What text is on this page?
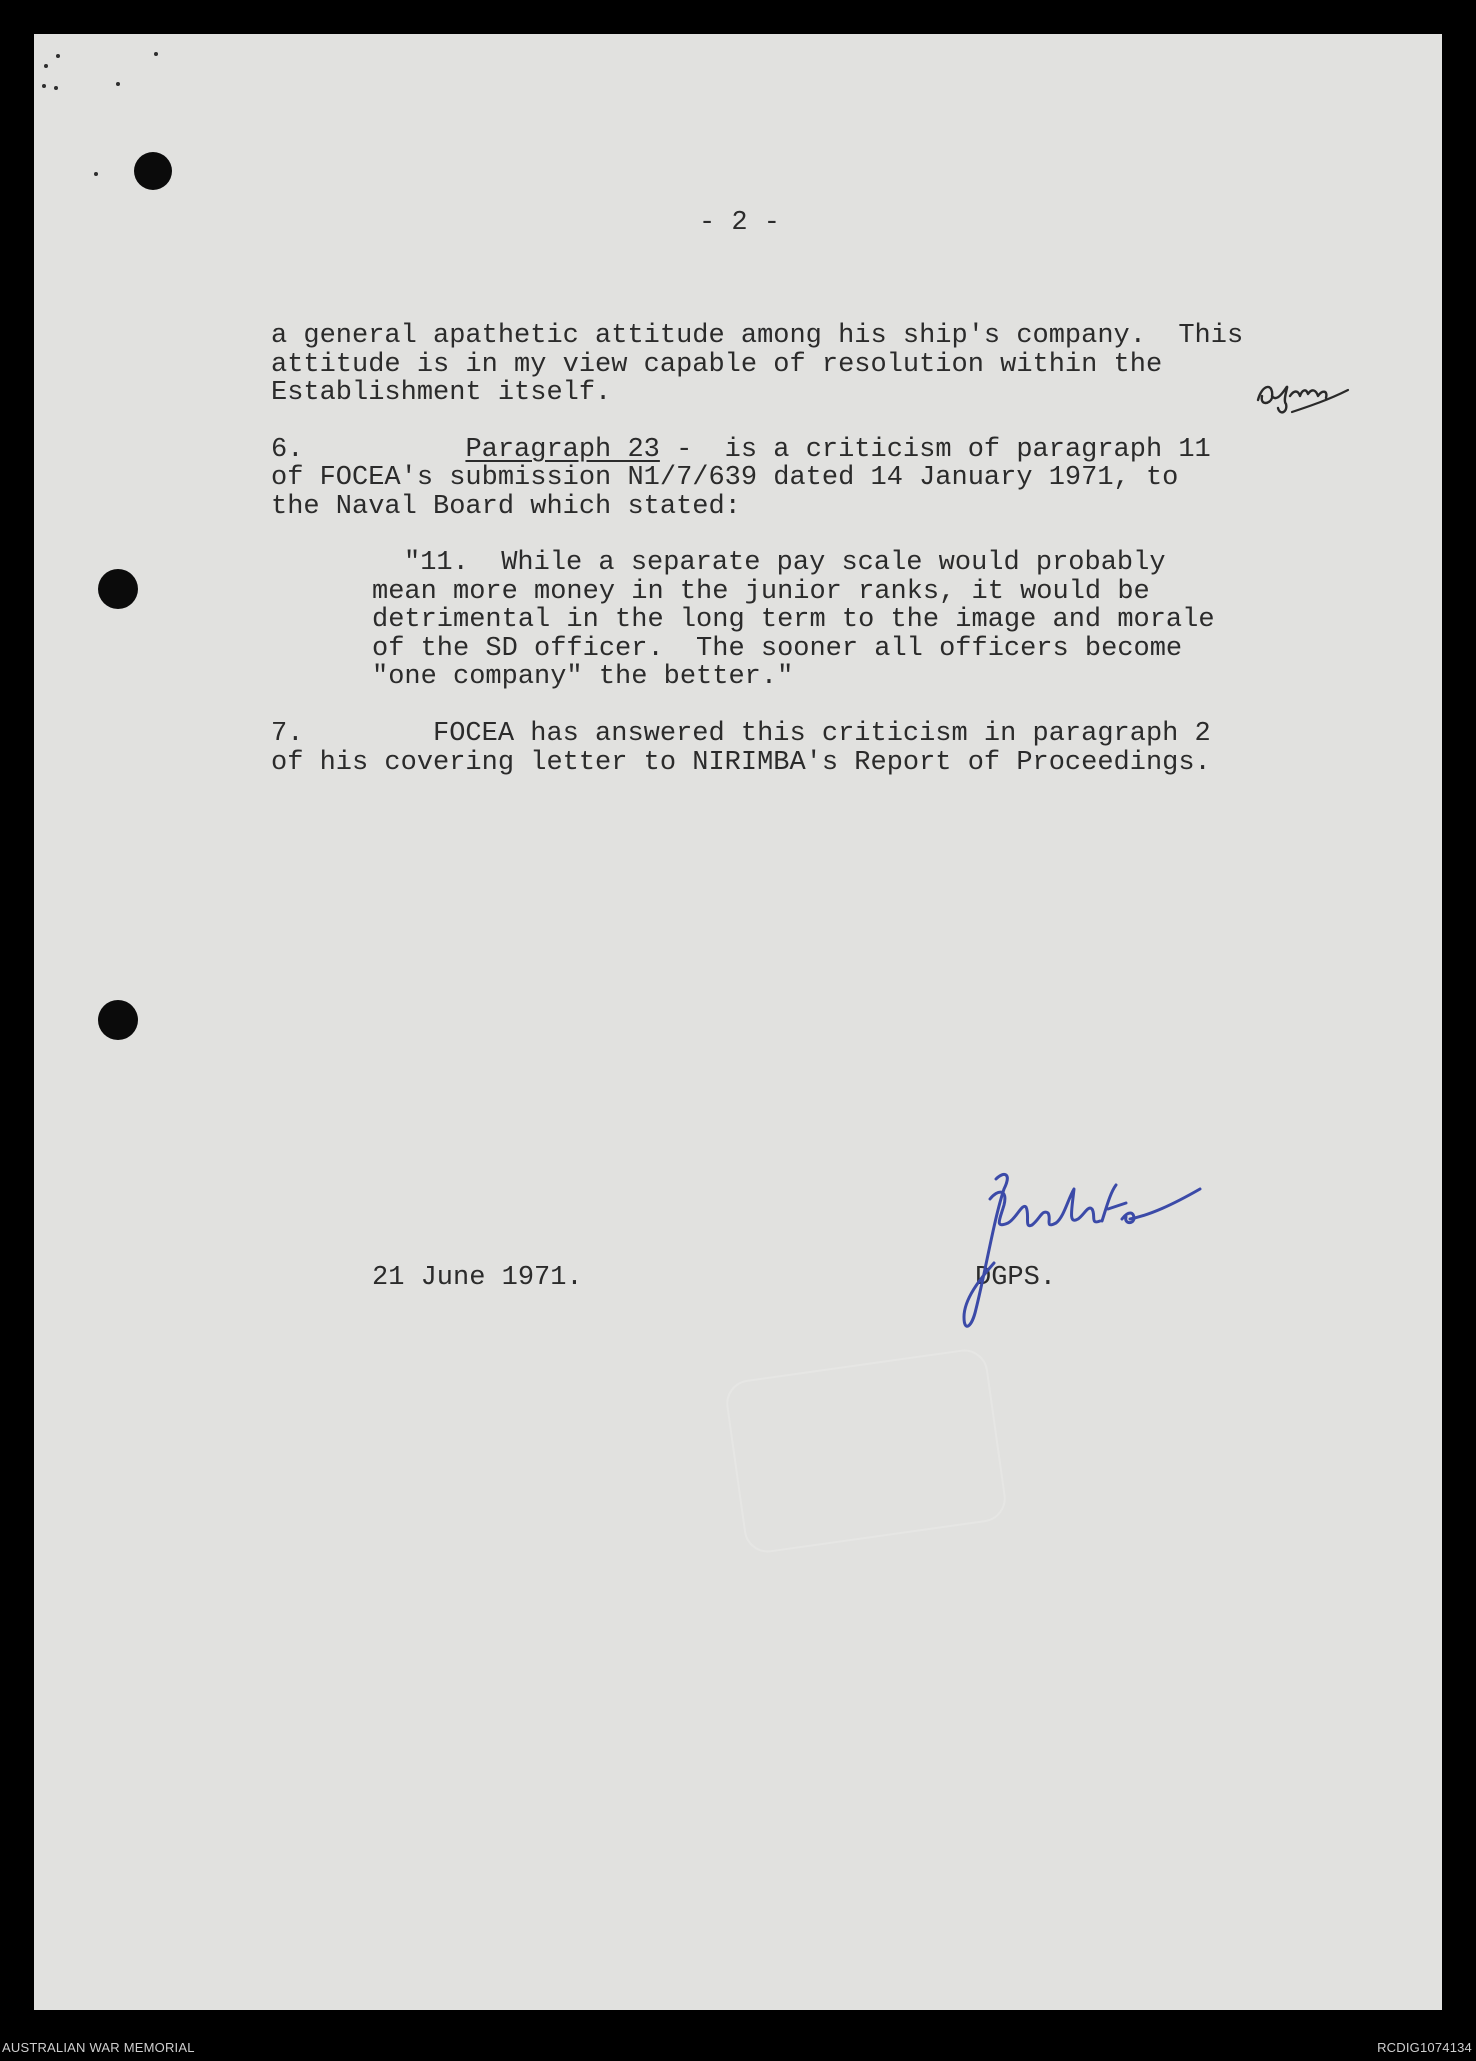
- 2 -

a general apathetic attitude among his ship's company.  This
attitude is in my view capable of resolution within the
Establishment itself.
6.	Paragraph 23 -  is a criticism of paragraph 11
of FOCEA's submission N1/7/639 dated 14 January 1971, to
the Naval Board which stated:
"11.  While a separate pay scale would probably
mean more money in the junior ranks, it would be
detrimental in the long term to the image and morale
of the SD officer.  The sooner all officers become
"one company" the better."
7.        FOCEA has answered this criticism in paragraph 2
of his covering letter to NIRIMBA's Report of Proceedings.

21 June 1971.	DGPS.

AUSTRALIAN WAR MEMORIAL	RCDIG1074134
